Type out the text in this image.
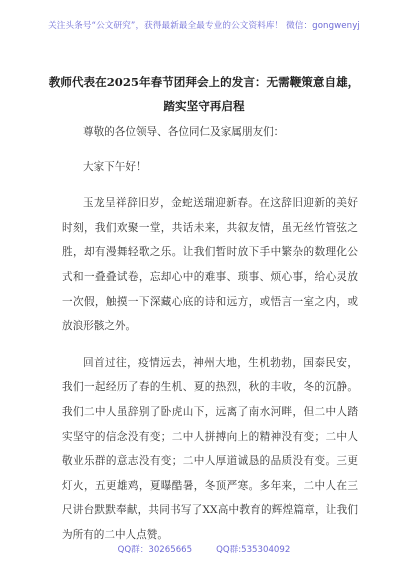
关注头条号“公文研究”，获得最新最全最专业的公文资料库！ 微信：gongwenyj
教师代表在2025年春节团拜会上的发言：无需鞭策意自雄，
踏实坚守再启程

尊敬的各位领导、各位同仁及家属朋友们：

大家下午好！

玉龙呈祥辞旧岁，金蛇送瑞迎新春。在这辞旧迎新的美好时刻，我们欢聚一堂，共话未来，共叙友情，虽无丝竹管弦之胜，却有漫舞轻歌之乐。让我们暂时放下手中繁杂的数理化公式和一叠叠试卷，忘却心中的难事、琐事、烦心事，给心灵放一次假，触摸一下深藏心底的诗和远方，或悟言一室之内，或放浪形骸之外。

回首过往，疫情远去，神州大地，生机勃勃，国泰民安，我们一起经历了春的生机、夏的热烈，秋的丰收，冬的沉静。我们二中人虽辞别了卧虎山下，远离了南水河畔，但二中人踏实坚守的信念没有变；二中人拼搏向上的精神没有变；二中人敬业乐群的意志没有变；二中人厚道诚恳的品质没有变。三更灯火，五更雄鸡，夏曝酷暑，冬顶严寒。多年来，二中人在三尺讲台默默奉献，共同书写了XX高中教育的辉煌篇章，让我们为所有的二中人点赞。

QQ群：30265665	QQ群:535304092
